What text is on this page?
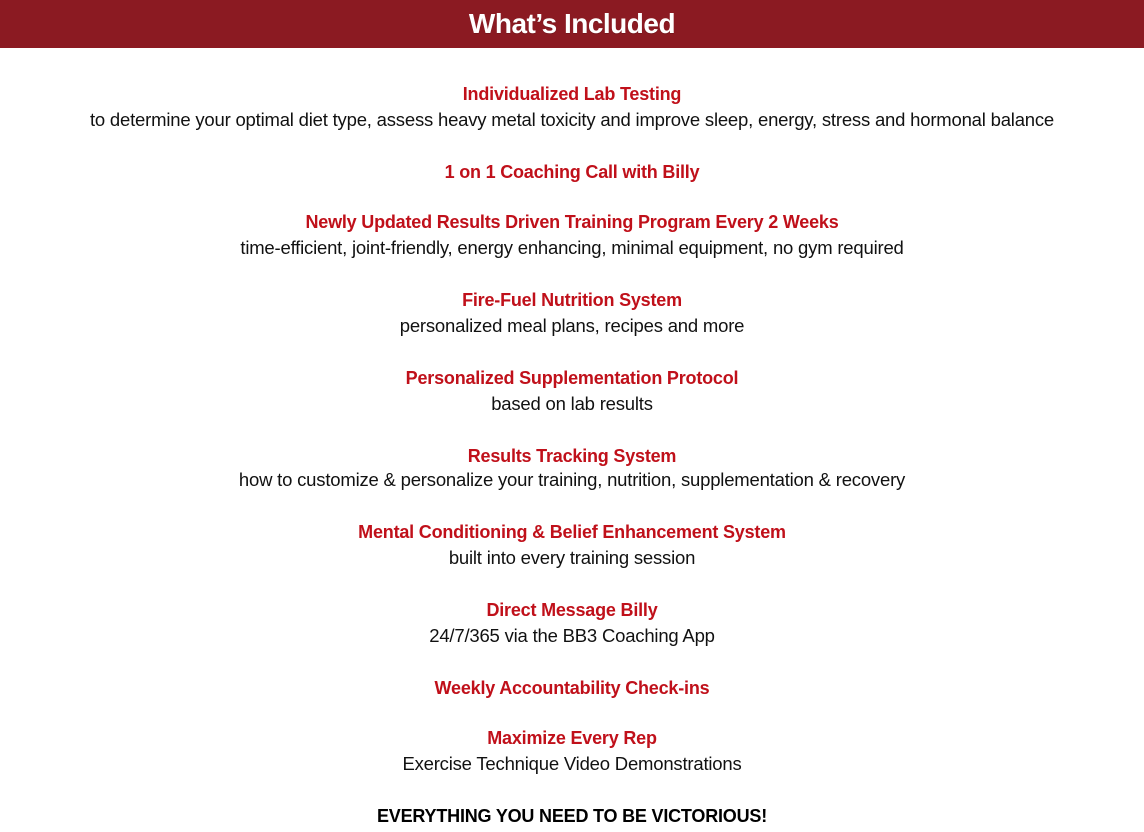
What’s Included
Individualized Lab Testing
to determine your optimal diet type, assess heavy metal toxicity and improve sleep, energy, stress and hormonal balance
1 on 1 Coaching Call with Billy
Newly Updated Results Driven Training Program Every 2 Weeks
time-efficient, joint-friendly, energy enhancing, minimal equipment, no gym required
Fire-Fuel Nutrition System
personalized meal plans, recipes and more
Personalized Supplementation Protocol
based on lab results
Results Tracking System
how to customize & personalize your training, nutrition, supplementation & recovery
Mental Conditioning & Belief Enhancement System
built into every training session
Direct Message Billy
24/7/365 via the BB3 Coaching App
Weekly Accountability Check-ins
Maximize Every Rep
Exercise Technique Video Demonstrations
EVERYTHING YOU NEED TO BE VICTORIOUS!
